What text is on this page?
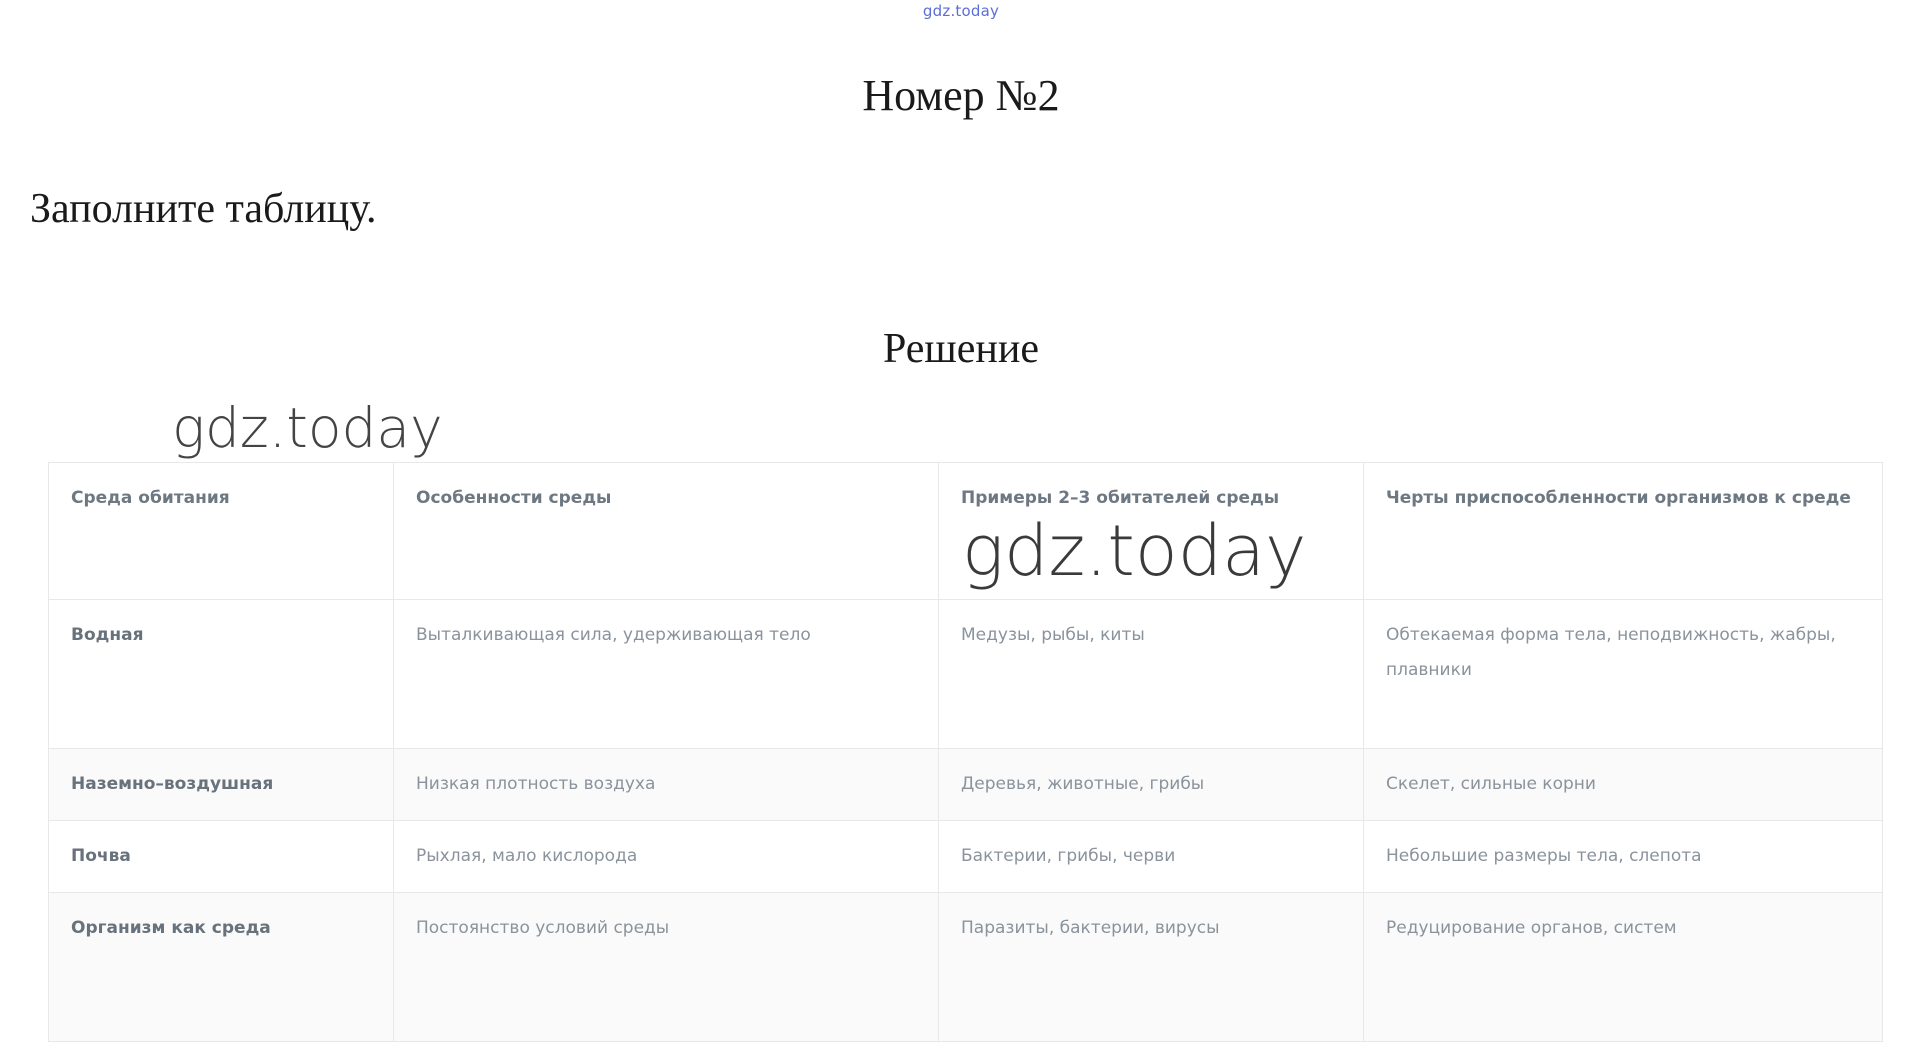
gdz.today
Номер №2
Заполните таблицу.
Решение
gdz.today
gdz.today
Среда обитания	Особенности среды	Примеры 2–3 обитателей среды	Черты приспособленности организмов к среде
Водная	Выталкивающая сила, удерживающая тело	Медузы, рыбы, киты	Обтекаемая форма тела, неподвижность, жабры, плавники
Наземно–воздушная	Низкая плотность воздуха	Деревья, животные, грибы	Скелет, сильные корни
Почва	Рыхлая, мало кислорода	Бактерии, грибы, черви	Небольшие размеры тела, слепота
Организм как среда	Постоянство условий среды	Паразиты, бактерии, вирусы	Редуцирование органов, систем
